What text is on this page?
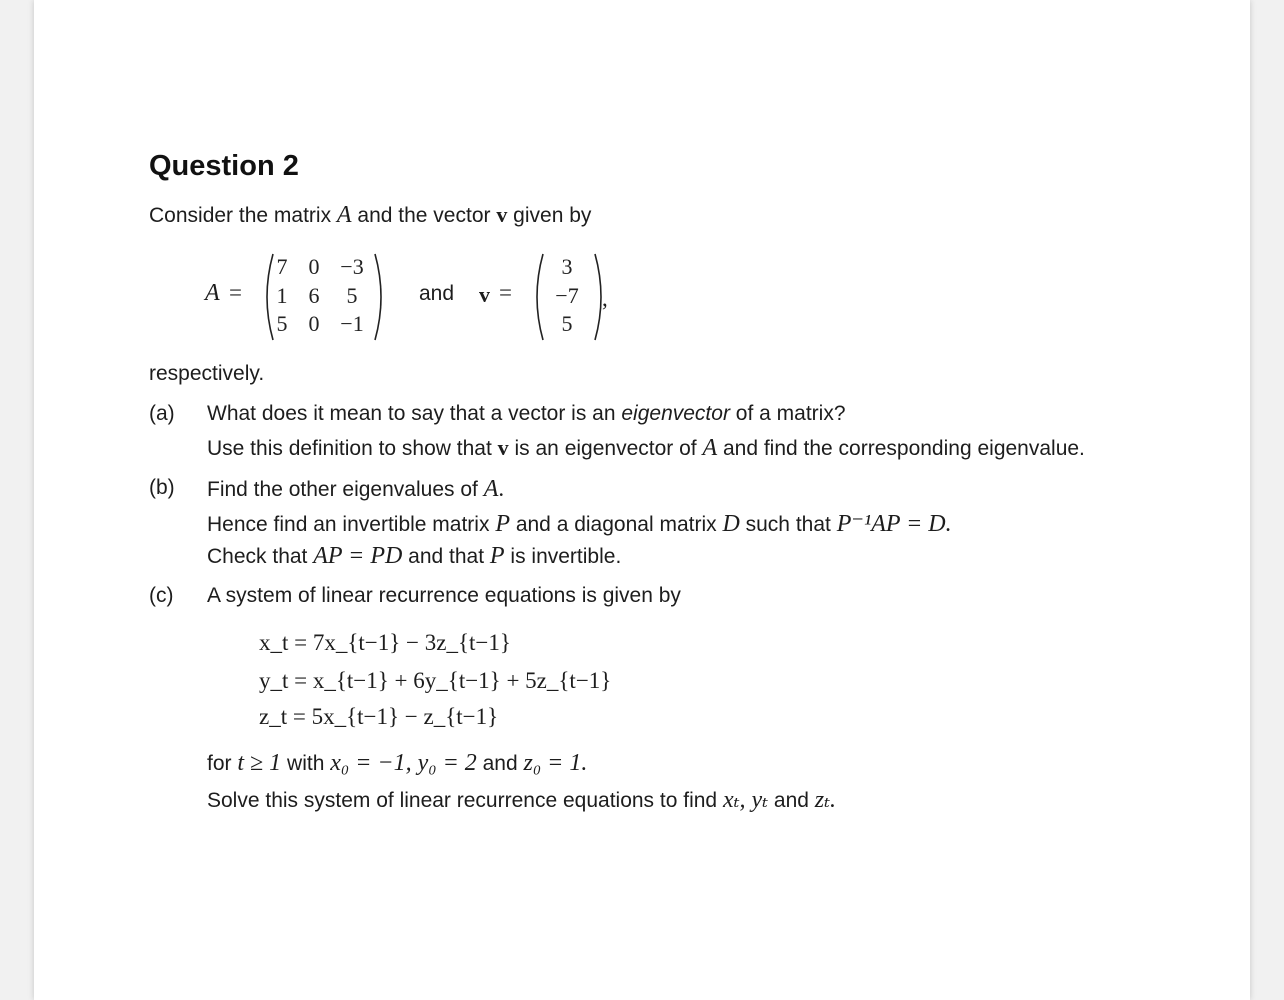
Question 2
Consider the matrix A and the vector v given by
A =
7 0 −3
1 6	5
5 0 −1
and v =
3
−7
5
,
respectively.
(a) What does it mean to say that a vector is an eigenvector of a matrix?
Use this definition to show that v is an eigenvector of A and find the corresponding eigenvalue.
(b) Find the other eigenvalues of A.
Hence find an invertible matrix P and a diagonal matrix D such that P⁻¹AP = D.
Check that AP = PD and that P is invertible.
(c) A system of linear recurrence equations is given by
x_t = 7x_{t−1} − 3z_{t−1}
y_t = x_{t−1} + 6y_{t−1} + 5z_{t−1}
z_t = 5x_{t−1} − z_{t−1}
for t ≥ 1 with x₀ = −1, y₀ = 2 and z₀ = 1.
Solve this system of linear recurrence equations to find xₜ, yₜ and zₜ.
